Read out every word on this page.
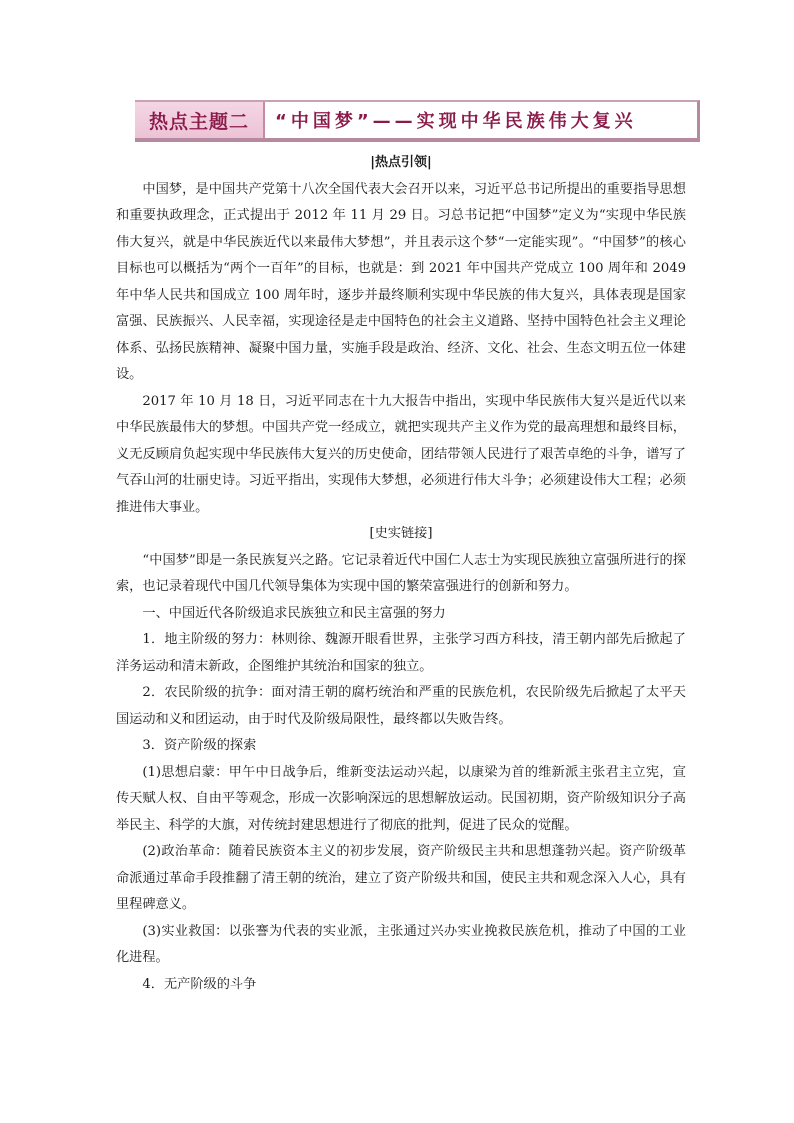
热点主题二	“中国梦”——实现中华民族伟大复兴

|热点引领|

中国梦，是中国共产党第十八次全国代表大会召开以来，习近平总书记所提出的重要指导思想和重要执政理念，正式提出于 2012 年 11 月 29 日。习总书记把“中国梦”定义为“实现中华民族伟大复兴，就是中华民族近代以来最伟大梦想”，并且表示这个梦“一定能实现”。“中国梦”的核心目标也可以概括为“两个一百年”的目标，也就是：到 2021 年中国共产党成立 100 周年和 2049 年中华人民共和国成立 100 周年时，逐步并最终顺利实现中华民族的伟大复兴，具体表现是国家富强、民族振兴、人民幸福，实现途径是走中国特色的社会主义道路、坚持中国特色社会主义理论体系、弘扬民族精神、凝聚中国力量，实施手段是政治、经济、文化、社会、生态文明五位一体建设。

2017 年 10 月 18 日，习近平同志在十九大报告中指出，实现中华民族伟大复兴是近代以来中华民族最伟大的梦想。中国共产党一经成立，就把实现共产主义作为党的最高理想和最终目标，义无反顾肩负起实现中华民族伟大复兴的历史使命，团结带领人民进行了艰苦卓绝的斗争，谱写了气吞山河的壮丽史诗。习近平指出，实现伟大梦想，必须进行伟大斗争；必须建设伟大工程；必须推进伟大事业。

[史实链接]

“中国梦”即是一条民族复兴之路。它记录着近代中国仁人志士为实现民族独立富强所进行的探索，也记录着现代中国几代领导集体为实现中国的繁荣富强进行的创新和努力。

一、中国近代各阶级追求民族独立和民主富强的努力

1．地主阶级的努力：林则徐、魏源开眼看世界，主张学习西方科技，清王朝内部先后掀起了洋务运动和清末新政，企图维护其统治和国家的独立。

2．农民阶级的抗争：面对清王朝的腐朽统治和严重的民族危机，农民阶级先后掀起了太平天国运动和义和团运动，由于时代及阶级局限性，最终都以失败告终。

3．资产阶级的探索

(1)思想启蒙：甲午中日战争后，维新变法运动兴起，以康梁为首的维新派主张君主立宪，宣传天赋人权、自由平等观念，形成一次影响深远的思想解放运动。民国初期，资产阶级知识分子高举民主、科学的大旗，对传统封建思想进行了彻底的批判，促进了民众的觉醒。

(2)政治革命：随着民族资本主义的初步发展，资产阶级民主共和思想蓬勃兴起。资产阶级革命派通过革命手段推翻了清王朝的统治，建立了资产阶级共和国，使民主共和观念深入人心，具有里程碑意义。

(3)实业救国：以张謇为代表的实业派，主张通过兴办实业挽救民族危机，推动了中国的工业化进程。

4．无产阶级的斗争
